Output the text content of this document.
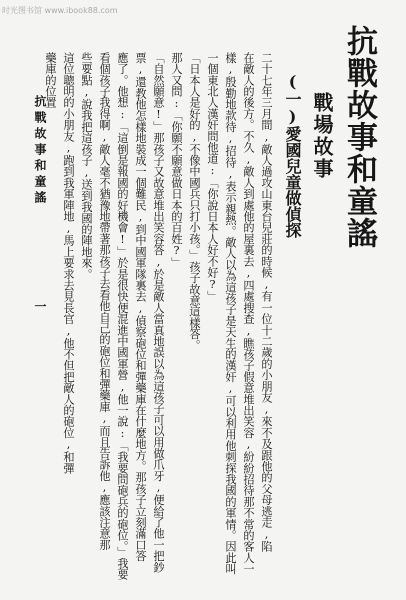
时光图书馆 www.ibook88.com
抗戰故事和童謠
戰場故事
(一)愛國兒童做偵探
二十七年三月間,敵人過攻山東台兒莊的時候,有一位十二歲的小朋友,來不及跟他的父母逃走,陷
在敵人的後方。不久,敵人到處他的屋裏去,四處搜查,瞧孩子假意堆出笑容,紛紛招待那不常的客人一
樣,殷勤地款待,招待,表示親熱。敵人以為這孩子是天生的漢奸,可以利用他刺探我國的軍情。因此叫
一個東北人漢奸問他道:「你說日本人好不好?」
「日本人是好的,不像中國兵只打小孩。」孩子故意這樣答。
那人又問:「你願不願意做日本的百姓?」
「自然願意!」那孩子又故意堆出笑容答,於是敵人當真地誤以為這孩子可以用做爪牙,便給了他一把鈔
票,還教他怎樣地裝成一個難民,到中國軍隊裏去,偵察砲位和彈藥庫在什麼地方。那孩子立刻滿口答
應了。他想:「這倒是報國的好機會!」於是很快便混進中國軍營,他一說:「我要問砲兵的砲位。」我要
看個孩子我得啊,敵人毫不猶豫地帶著那孩子去看他自己的砲位和彈藥庫,而且告訴他,應該注意那
些要點,說我把這孩子,送到我國的陣地來。
這位聰明的小朋友,跑到我軍陣地,馬上要求去見長官,他不但把敵人的砲位,和彈
藥庫的位置
抗戰故事和童謠
一
